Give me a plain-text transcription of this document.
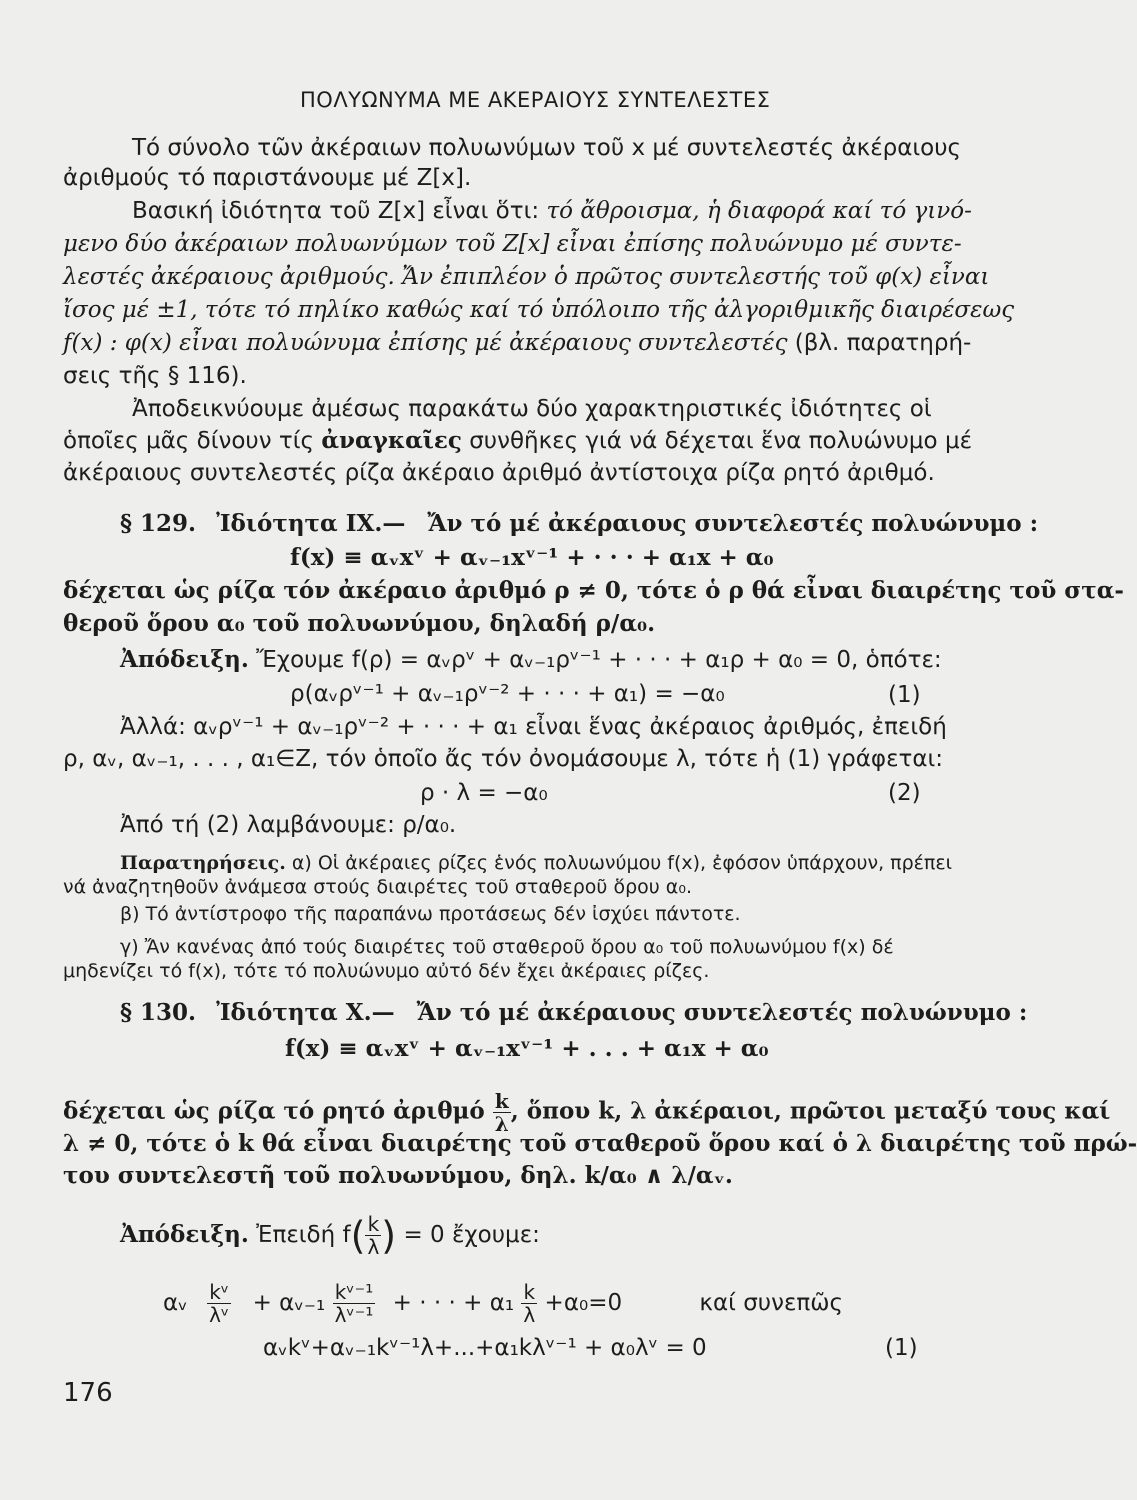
ΠΟΛΥΩΝΥΜΑ ΜΕ ΑΚΕΡΑΙΟΥΣ ΣΥΝΤΕΛΕΣΤΕΣ
Τό σύνολο τῶν ἀκέραιων πολυωνύμων τοῦ x μέ συντελεστές ἀκέραιους
ἀριθμούς τό παριστάνουμε μέ Z[x].
Βασική ἰδιότητα τοῦ Z[x] εἶναι ὅτι: τό ἄθροισμα, ἡ διαφορά καί τό γινό-
μενο δύο ἀκέραιων πολυωνύμων τοῦ Z[x] εἶναι ἐπίσης πολυώνυμο μέ συντε-
λεστές ἀκέραιους ἀριθμούς. Ἄν ἐπιπλέον ὁ πρῶτος συντελεστής τοῦ φ(x) εἶναι
ἴσος μέ ±1, τότε τό πηλίκο καθώς καί τό ὑπόλοιπο τῆς ἀλγοριθμικῆς διαιρέσεως
f(x) : φ(x) εἶναι πολυώνυμα ἐπίσης μέ ἀκέραιους συντελεστές (βλ. παρατηρή-
σεις τῆς § 116).
Ἀποδεικνύουμε ἀμέσως παρακάτω δύο χαρακτηριστικές ἰδιότητες οἱ
ὁποῖες μᾶς δίνουν τίς ἀναγκαῖες συνθῆκες γιά νά δέχεται ἕνα πολυώνυμο μέ
ἀκέραιους συντελεστές ρίζα ἀκέραιο ἀριθμό ἀντίστοιχα ρίζα ρητό ἀριθμό.
§ 129. Ἰδιότητα IX.— Ἄν τό μέ ἀκέραιους συντελεστές πολυώνυμο :
f(x) ≡ αᵥxᵛ + αᵥ₋₁xᵛ⁻¹ + · · · + α₁x + α₀
δέχεται ὡς ρίζα τόν ἀκέραιο ἀριθμό ρ ≠ 0, τότε ὁ ρ θά εἶναι διαιρέτης τοῦ στα-
θεροῦ ὅρου α₀ τοῦ πολυωνύμου, δηλαδή ρ/α₀.
Ἀπόδειξη. Ἔχουμε f(ρ) = αᵥρᵛ + αᵥ₋₁ρᵛ⁻¹ + · · · + α₁ρ + α₀ = 0, ὁπότε:
ρ(αᵥρᵛ⁻¹ + αᵥ₋₁ρᵛ⁻² + · · · + α₁) = −α₀	(1)
Ἀλλά: αᵥρᵛ⁻¹ + αᵥ₋₁ρᵛ⁻² + · · · + α₁ εἶναι ἕνας ἀκέραιος ἀριθμός, ἐπειδή
ρ, αᵥ, αᵥ₋₁, . . . , α₁∈Z, τόν ὁποῖο ἄς τόν ὀνομάσουμε λ, τότε ἡ (1) γράφεται:
ρ · λ = −α₀	(2)
Ἀπό τή (2) λαμβάνουμε: ρ/α₀.
Παρατηρήσεις. α) Οἱ ἀκέραιες ρίζες ἑνός πολυωνύμου f(x), ἐφόσον ὑπάρχουν, πρέπει
νά ἀναζητηθοῦν ἀνάμεσα στούς διαιρέτες τοῦ σταθεροῦ ὅρου α₀.
β) Τό ἀντίστροφο τῆς παραπάνω προτάσεως δέν ἰσχύει πάντοτε.
γ) Ἄν κανένας ἀπό τούς διαιρέτες τοῦ σταθεροῦ ὅρου α₀ τοῦ πολυωνύμου f(x) δέ
μηδενίζει τό f(x), τότε τό πολυώνυμο αὐτό δέν ἔχει ἀκέραιες ρίζες.
§ 130. Ἰδιότητα X.— Ἄν τό μέ ἀκέραιους συντελεστές πολυώνυμο :
f(x) ≡ αᵥxᵛ + αᵥ₋₁xᵛ⁻¹ + . . . + α₁x + α₀
δέχεται ὡς ρίζα τό ρητό ἀριθμό $\frac{k}{\lambda}$ , ὅπου k, λ ἀκέραιοι, πρῶτοι μεταξύ τους καί
λ ≠ 0, τότε ὁ k θά εἶναι διαιρέτης τοῦ σταθεροῦ ὅρου καί ὁ λ διαιρέτης τοῦ πρώ-
του συντελεστῆ τοῦ πολυωνύμου, δηλ. k/α₀ ∧ λ/αᵥ.
Ἀπόδειξη. Ἐπειδή $f( \frac{k}{\lambda}$ ) = 0 ἔχουμε:
αᵥ $\frac{\text{kᵛ}}{\text{λᵛ}}$ + αᵥ₋₁ $\frac{\text{kᵛ⁻¹}}{\text{λᵛ⁻¹}}$ + · · · + $\alpha_1 \frac{k}{\lambda} +\alpha_0=0$	καί συνεπῶς
αᵥkᵛ+αᵥ₋₁kᵛ⁻¹λ+...+α₁kλᵛ⁻¹ + α₀λᵛ = 0	(1)
176
